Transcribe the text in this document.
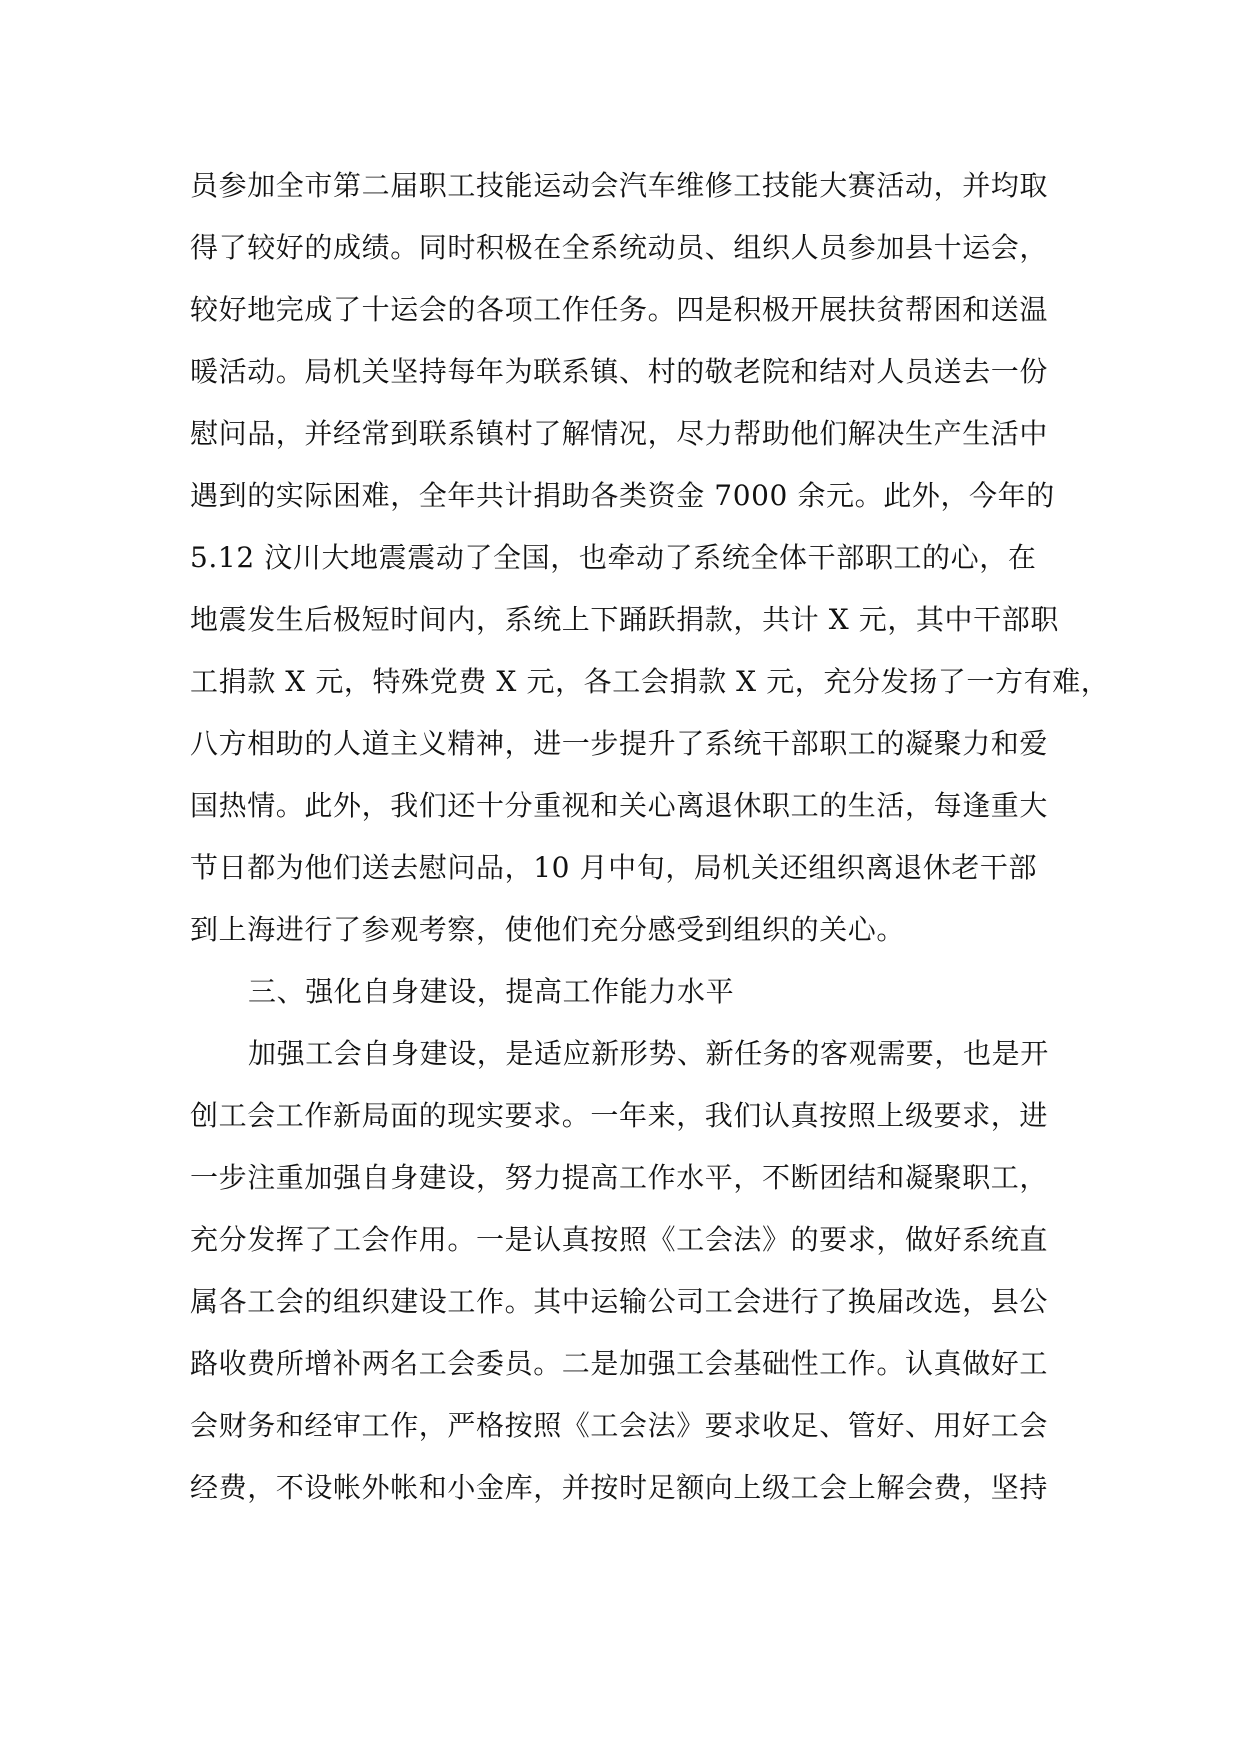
员参加全市第二届职工技能运动会汽车维修工技能大赛活动，并均取
得了较好的成绩。同时积极在全系统动员、组织人员参加县十运会，
较好地完成了十运会的各项工作任务。四是积极开展扶贫帮困和送温
暖活动。局机关坚持每年为联系镇、村的敬老院和结对人员送去一份
慰问品，并经常到联系镇村了解情况，尽力帮助他们解决生产生活中
遇到的实际困难，全年共计捐助各类资金 7000 余元。此外，今年的
5.12 汶川大地震震动了全国，也牵动了系统全体干部职工的心，在
地震发生后极短时间内，系统上下踊跃捐款，共计 X 元，其中干部职
工捐款 X 元，特殊党费 X 元，各工会捐款 X 元，充分发扬了一方有难，
八方相助的人道主义精神，进一步提升了系统干部职工的凝聚力和爱
国热情。此外，我们还十分重视和关心离退休职工的生活，每逢重大
节日都为他们送去慰问品，10 月中旬，局机关还组织离退休老干部
到上海进行了参观考察，使他们充分感受到组织的关心。
三、强化自身建设，提高工作能力水平
加强工会自身建设，是适应新形势、新任务的客观需要，也是开
创工会工作新局面的现实要求。一年来，我们认真按照上级要求，进
一步注重加强自身建设，努力提高工作水平，不断团结和凝聚职工，
充分发挥了工会作用。一是认真按照《工会法》的要求，做好系统直
属各工会的组织建设工作。其中运输公司工会进行了换届改选，县公
路收费所增补两名工会委员。二是加强工会基础性工作。认真做好工
会财务和经审工作，严格按照《工会法》要求收足、管好、用好工会
经费，不设帐外帐和小金库，并按时足额向上级工会上解会费，坚持
